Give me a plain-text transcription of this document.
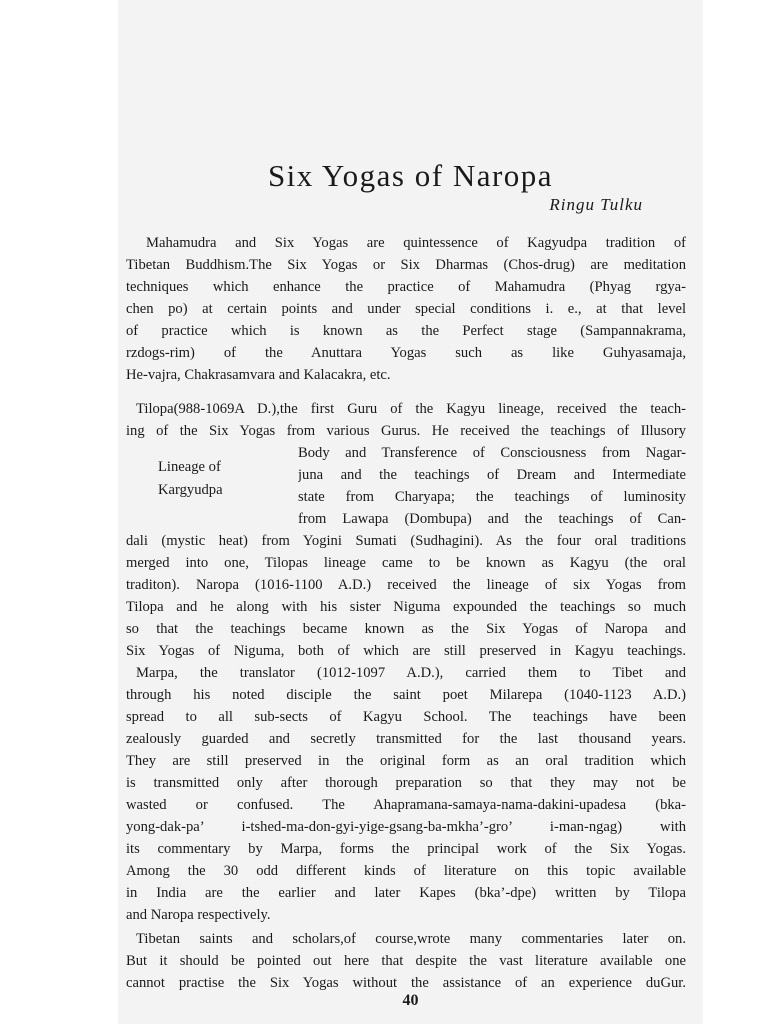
Six Yogas of Naropa
Ringu Tulku
Mahamudra and Six Yogas are quintessence of Kagyudpa tradition of
Tibetan Buddhism.The Six Yogas or Six Dharmas (Chos-drug) are meditation
techniques which enhance the practice of Mahamudra (Phyag rgya-
chen po) at certain points and under special conditions i. e., at that level
of practice which is known as the Perfect stage (Sampannakrama,
rzdogs-rim) of the Anuttara Yogas such as like Guhyasamaja,
He-vajra, Chakrasamvara and Kalacakra, etc.
Tilopa(988-1069A D.),the first Guru of the Kagyu lineage, received the teach-
ing of the Six Yogas from various Gurus. He received the teachings of Illusory
Body and Transference of Consciousness from Nagar-
juna and the teachings of Dream and Intermediate
state from Charyapa; the teachings of luminosity
from Lawapa (Dombupa) and the teachings of Can-
dali (mystic heat) from Yogini Sumati (Sudhagini). As the four oral traditions
merged into one, Tilopas lineage came to be known as Kagyu (the oral
traditon). Naropa (1016-1100 A.D.) received the lineage of six Yogas from
Tilopa and he along with his sister Niguma expounded the teachings so much
so that the teachings became known as the Six Yogas of Naropa and
Six Yogas of Niguma, both of which are still preserved in Kagyu teachings.
Marpa, the translator (1012-1097 A.D.), carried them to Tibet and
through his noted disciple the saint poet Milarepa (1040-1123 A.D.)
spread to all sub-sects of Kagyu School. The teachings have been
zealously guarded and secretly transmitted for the last thousand years.
They are still preserved in the original form as an oral tradition which
is transmitted only after thorough preparation so that they may not be
wasted or confused. The Ahapramana-samaya-nama-dakini-upadesa (bka-
yong-dak-pa’ i-tshed-ma-don-gyi-yige-gsang-ba-mkha’-gro’ i-man-ngag) with
its commentary by Marpa, forms the principal work of the Six Yogas.
Among the 30 odd different kinds of literature on this topic available
in India are the earlier and later Kapes (bka’-dpe) written by Tilopa
and Naropa respectively.
Tibetan saints and scholars,of course,wrote many commentaries later on.
But it should be pointed out here that despite the vast literature available one
cannot practise the Six Yogas without the assistance of an experience duGur.
Lineage of
Kargyudpa
40
